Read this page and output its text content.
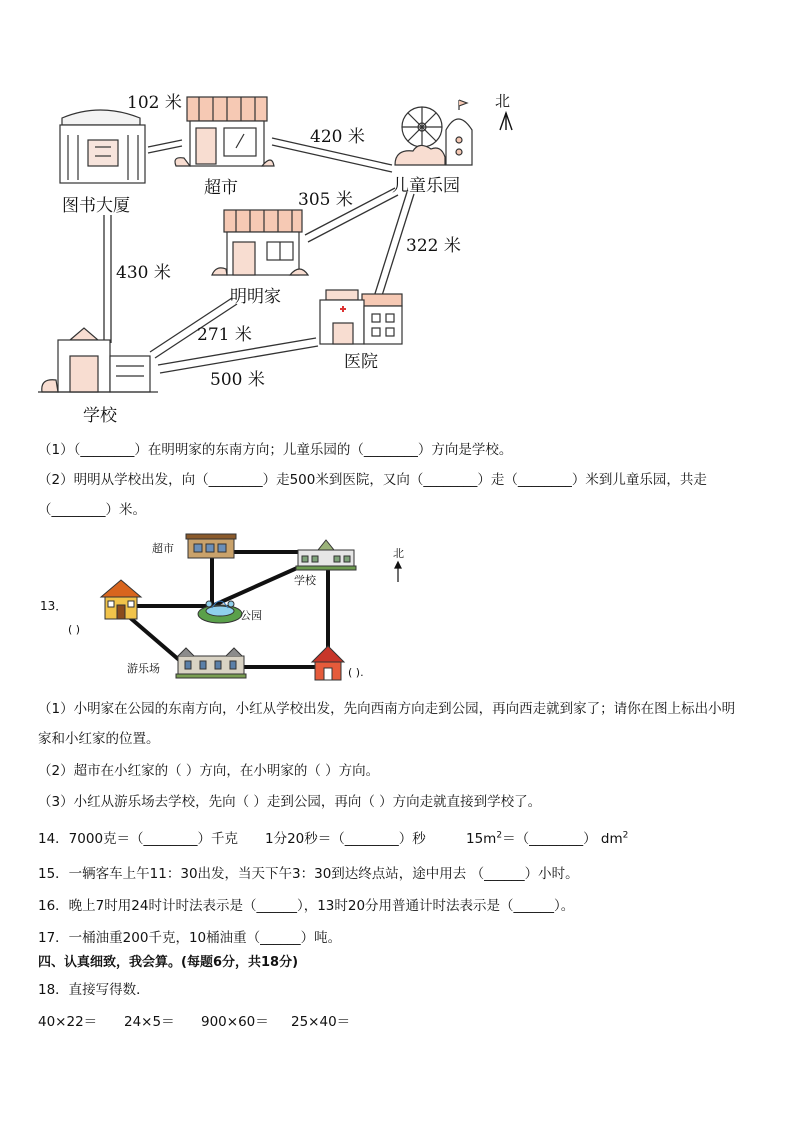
北
图书大厦
超市	儿童乐园
明明家
医院
学校
102 米
420 米
305 米
322 米
430 米
271 米
500 米
（1）（________）在明明家的东南方向；儿童乐园的（________）方向是学校。
（2）明明从学校出发，向（________）走500米到医院，又向（________）走（________）米到儿童乐园，共走
（________）米。
13．
超市
学校
公园
游乐场
北
( )
( ).
（1）小明家在公园的东南方向，小红从学校出发，先向西南方向走到公园，再向西走就到家了；请你在图上标出小明
家和小红家的位置。
（2）超市在小红家的（ ）方向，在小明家的（ ）方向。
（3）小红从游乐场去学校，先向（ ）走到公园，再向（ ）方向走就直接到学校了。
14．7000克＝（________）千克 1分20秒＝（________）秒	$15m^2=(\_\_\_\_\_\_\_\_)$ $dm^2$
15．一辆客车上午11：30出发，当天下午3：30到达终点站，途中用去 （______）小时。
16．晚上7时用24时计时法表示是（______），13时20分用普通计时法表示是（______）。
17．一桶油重200千克，10桶油重（______）吨。
四、认真细致，我会算。(每题6分，共18分)
18．直接写得数．
40×22＝ 24×5＝ 900×60＝ 25×40＝
